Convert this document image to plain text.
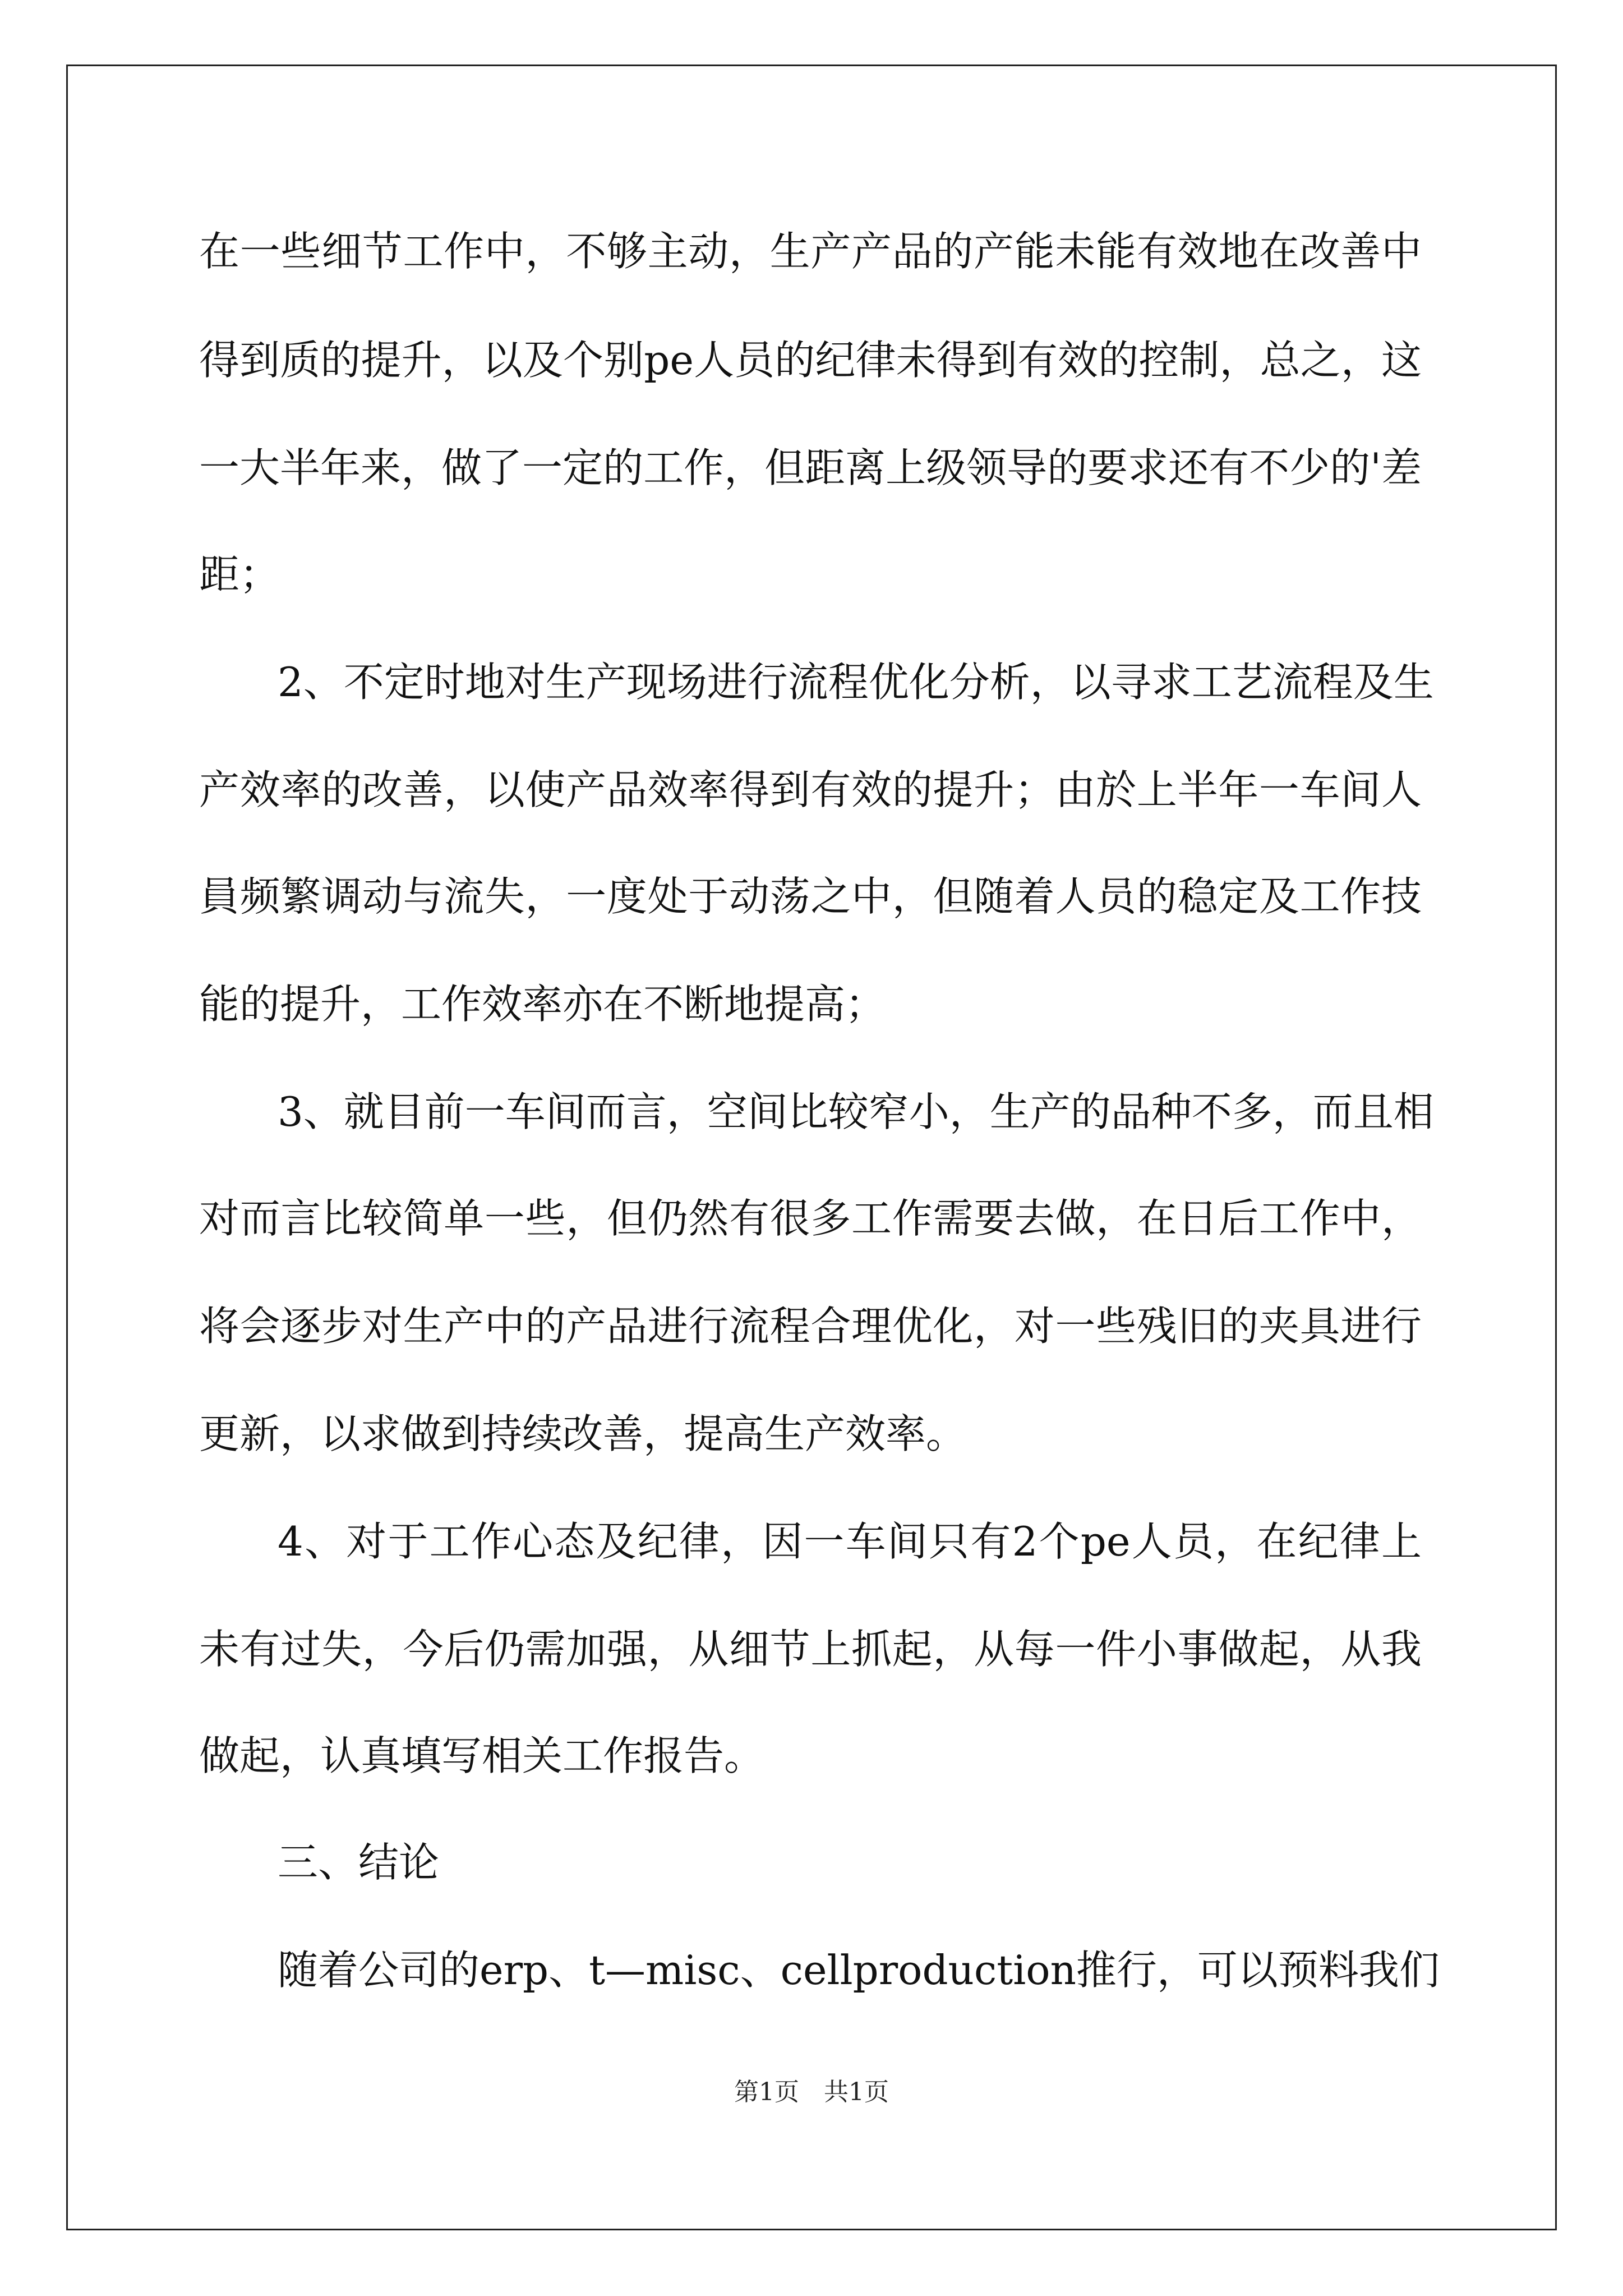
在一些细节工作中，不够主动，生产产品的产能未能有效地在改善中

得到质的提升，以及个别pe人员的纪律未得到有效的控制，总之，这

一大半年来，做了一定的工作，但距离上级领导的要求还有不少的'差

距；

2、不定时地对生产现场进行流程优化分析，以寻求工艺流程及生

产效率的改善，以使产品效率得到有效的提升；由於上半年一车间人

員频繁调动与流失，一度处于动荡之中，但随着人员的稳定及工作技

能的提升，工作效率亦在不断地提高；

3、就目前一车间而言，空间比较窄小，生产的品种不多，而且相

对而言比较简单一些，但仍然有很多工作需要去做，在日后工作中，

将会逐步对生产中的产品进行流程合理优化，对一些残旧的夹具进行

更新，以求做到持续改善，提高生产效率。

4、对于工作心态及纪律，因一车间只有2个pe人员，在纪律上

未有过失，今后仍需加强，从细节上抓起，从每一件小事做起，从我

做起，认真填写相关工作报告。

三、结论

随着公司的erp、t—misc、cellproduction推行，可以预料我们

第1页　共1页
